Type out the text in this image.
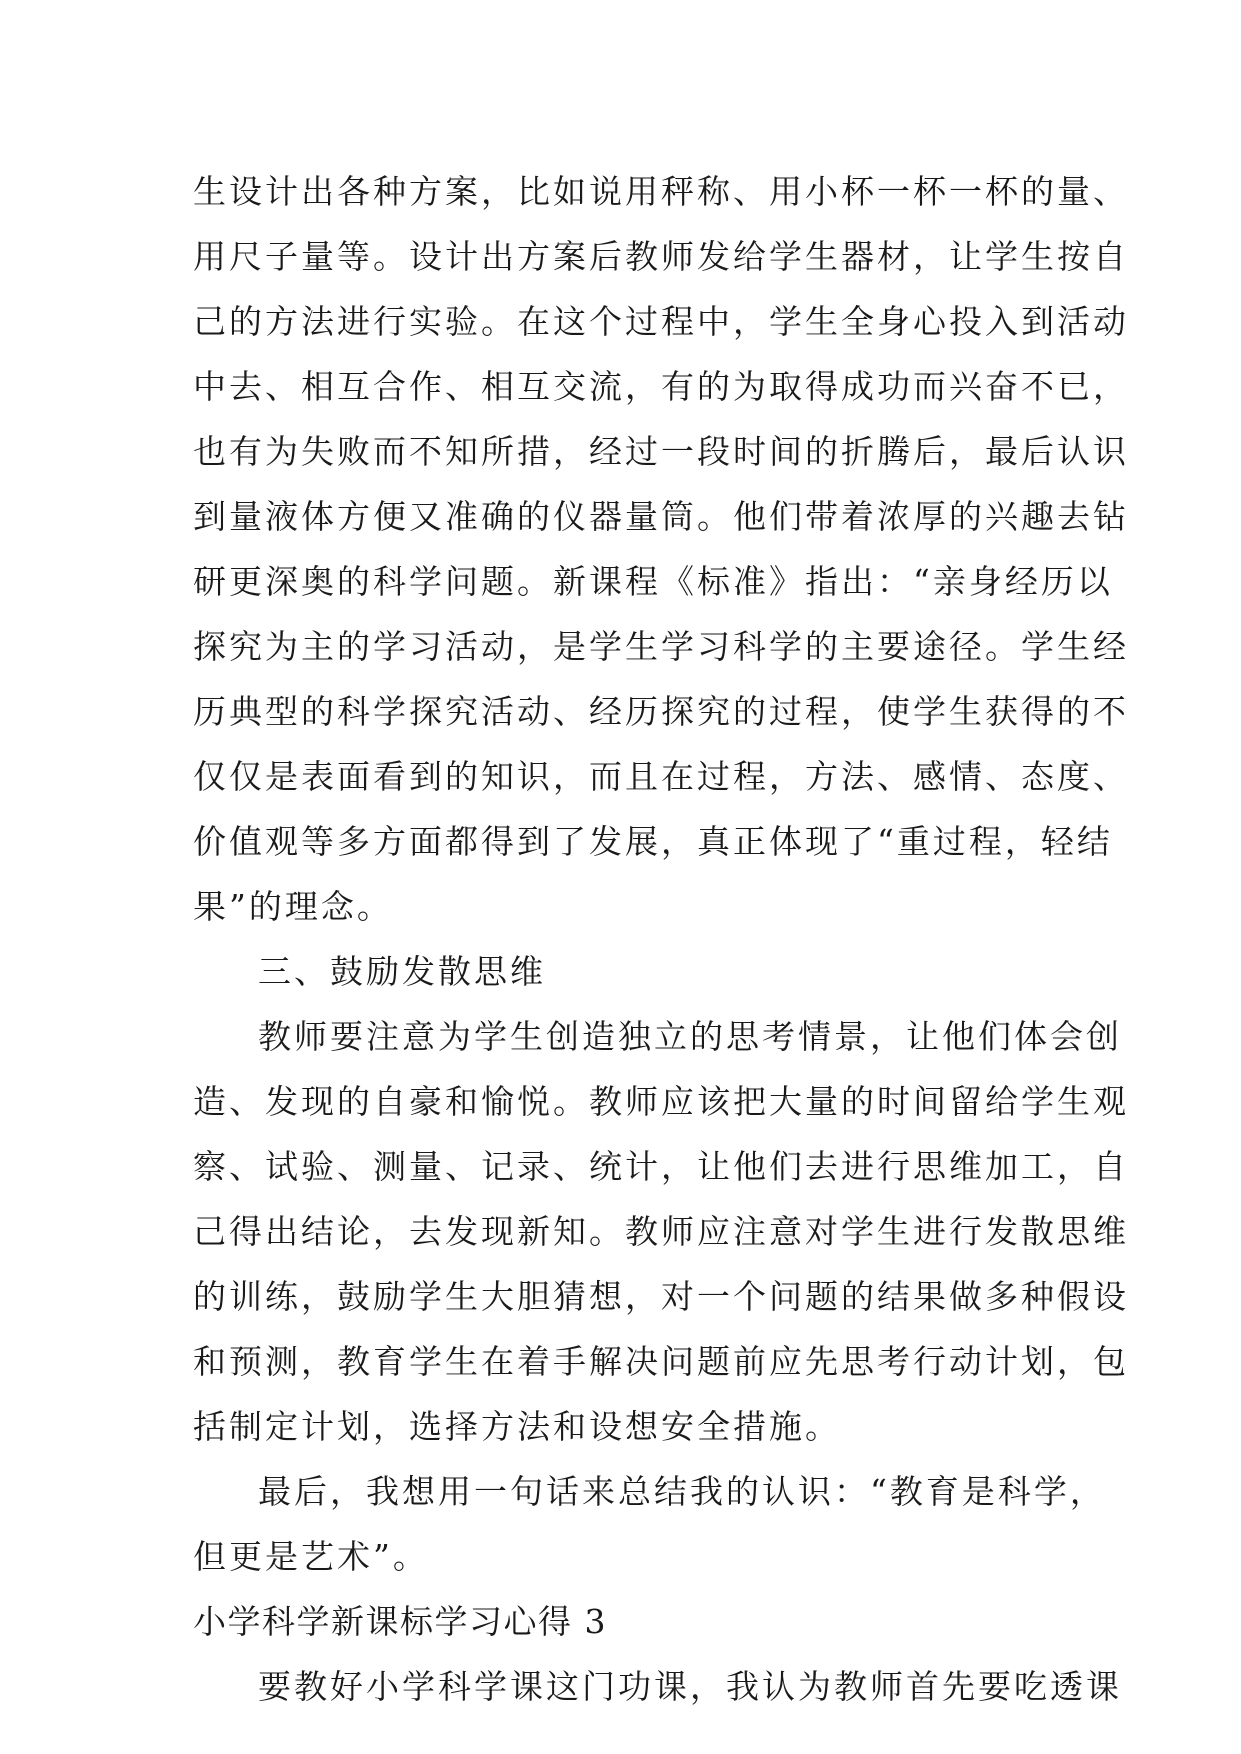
生设计出各种方案，比如说用秤称、用小杯一杯一杯的量、
用尺子量等。设计出方案后教师发给学生器材，让学生按自
己的方法进行实验。在这个过程中，学生全身心投入到活动
中去、相互合作、相互交流，有的为取得成功而兴奋不已，
也有为失败而不知所措，经过一段时间的折腾后，最后认识
到量液体方便又准确的仪器量筒。他们带着浓厚的兴趣去钻
研更深奥的科学问题。新课程《标准》指出：“亲身经历以
探究为主的学习活动，是学生学习科学的主要途径。学生经
历典型的科学探究活动、经历探究的过程，使学生获得的不
仅仅是表面看到的知识，而且在过程，方法、感情、态度、
价值观等多方面都得到了发展，真正体现了“重过程，轻结
果”的理念。
三、鼓励发散思维
教师要注意为学生创造独立的思考情景，让他们体会创
造、发现的自豪和愉悦。教师应该把大量的时间留给学生观
察、试验、测量、记录、统计，让他们去进行思维加工，自
己得出结论，去发现新知。教师应注意对学生进行发散思维
的训练，鼓励学生大胆猜想，对一个问题的结果做多种假设
和预测，教育学生在着手解决问题前应先思考行动计划，包
括制定计划，选择方法和设想安全措施。
最后，我想用一句话来总结我的认识：“教育是科学，
但更是艺术”。
小学科学新课标学习心得 3
要教好小学科学课这门功课，我认为教师首先要吃透课
